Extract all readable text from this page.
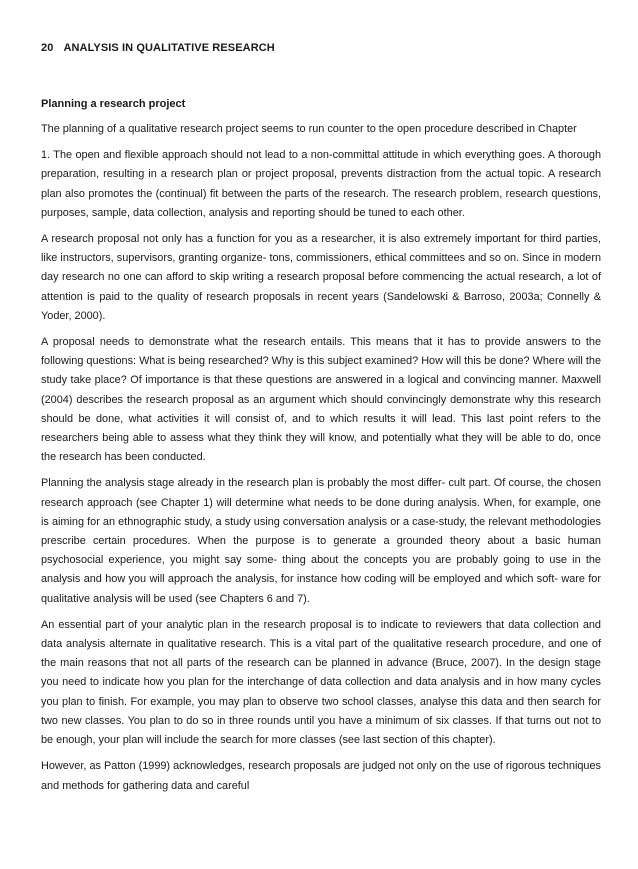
20 ANALYSIS IN QUALITATIVE RESEARCH
Planning a research project

The planning of a qualitative research project seems to run counter to the open procedure described in Chapter

1. The open and flexible approach should not lead to a non-committal attitude in which everything goes. A thorough preparation, resulting in a research plan or project proposal, prevents distraction from the actual topic. A research plan also promotes the (continual) fit between the parts of the research. The research problem, research questions, purposes, sample, data collection, analysis and reporting should be tuned to each other.

A research proposal not only has a function for you as a researcher, it is also extremely important for third parties, like instructors, supervisors, granting organize- tons, commissioners, ethical committees and so on. Since in modern day research no one can afford to skip writing a research proposal before commencing the actual research, a lot of attention is paid to the quality of research proposals in recent years (Sandelowski & Barroso, 2003a; Connelly & Yoder, 2000).

A proposal needs to demonstrate what the research entails. This means that it has to provide answers to the following questions: What is being researched? Why is this subject examined? How will this be done? Where will the study take place? Of importance is that these questions are answered in a logical and convincing manner. Maxwell (2004) describes the research proposal as an argument which should convincingly demonstrate why this research should be done, what activities it will consist of, and to which results it will lead. This last point refers to the researchers being able to assess what they think they will know, and potentially what they will be able to do, once the research has been conducted.

Planning the analysis stage already in the research plan is probably the most differ- cult part. Of course, the chosen research approach (see Chapter 1) will determine what needs to be done during analysis. When, for example, one is aiming for an ethnographic study, a study using conversation analysis or a case-study, the relevant methodologies prescribe certain procedures. When the purpose is to generate a grounded theory about a basic human psychosocial experience, you might say some- thing about the concepts you are probably going to use in the analysis and how you will approach the analysis, for instance how coding will be employed and which soft- ware for qualitative analysis will be used (see Chapters 6 and 7).

An essential part of your analytic plan in the research proposal is to indicate to reviewers that data collection and data analysis alternate in qualitative research. This is a vital part of the qualitative research procedure, and one of the main reasons that not all parts of the research can be planned in advance (Bruce, 2007). In the design stage you need to indicate how you plan for the interchange of data collection and data analysis and in how many cycles you plan to finish. For example, you may plan to observe two school classes, analyse this data and then search for two new classes. You plan to do so in three rounds until you have a minimum of six classes. If that turns out not to be enough, your plan will include the search for more classes (see last section of this chapter).

However, as Patton (1999) acknowledges, research proposals are judged not only on the use of rigorous techniques and methods for gathering data and careful
